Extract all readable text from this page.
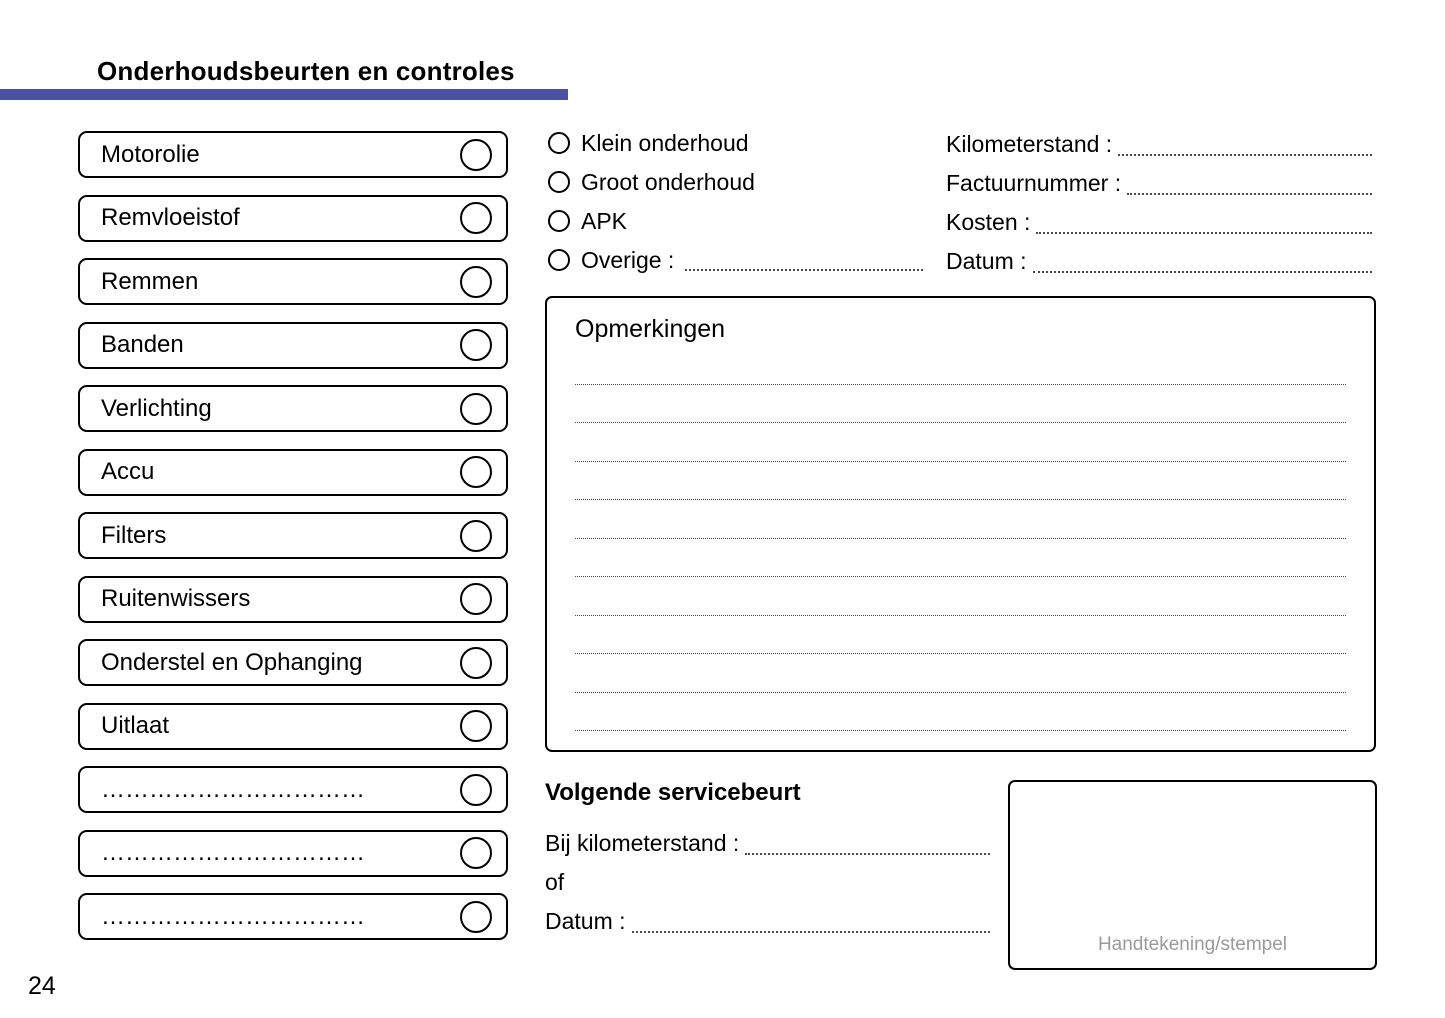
Onderhoudsbeurten en controles
Motorolie
Remvloeistof
Remmen
Banden
Verlichting
Accu
Filters
Ruitenwissers
Onderstel en Ophanging
Uitlaat
……………………………
……………………………
……………………………
Klein onderhoud
Groot onderhoud
APK
Overige :
Kilometerstand :
Factuurnummer :
Kosten :
Datum :
Opmerkingen
Volgende servicebeurt
Bij kilometerstand :
of
Datum :
Handtekening/stempel
24
